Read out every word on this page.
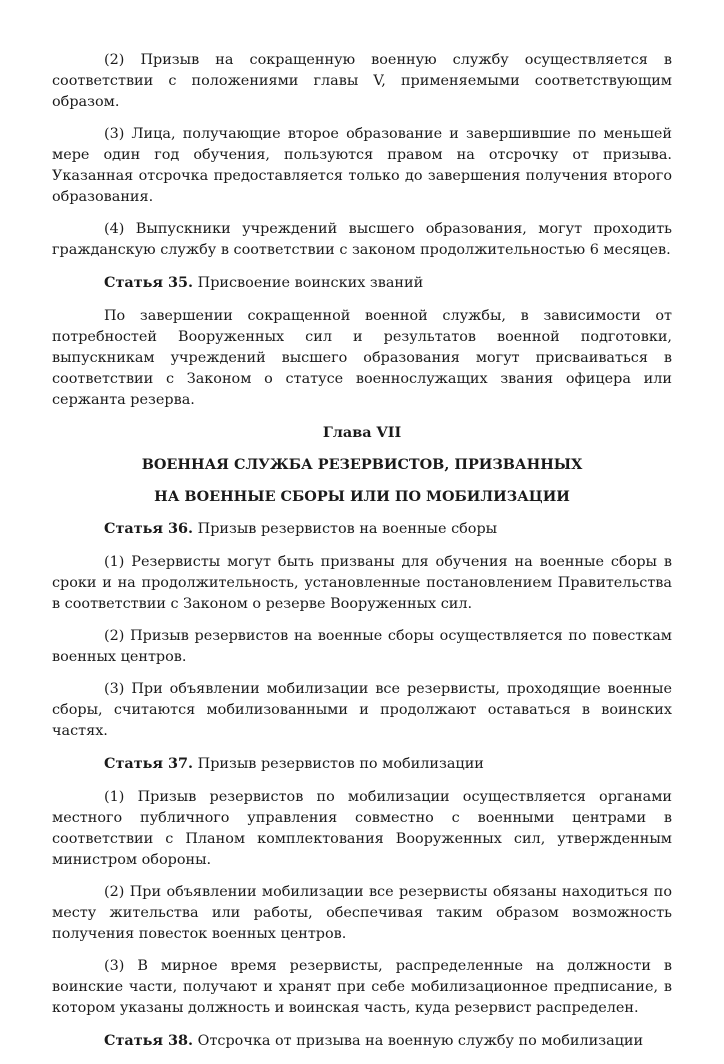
(2) Призыв на сокращенную военную службу осуществляется в соответствии с положениями главы V, применяемыми соответствующим образом.

(3) Лица, получающие второе образование и завершившие по меньшей мере один год обучения, пользуются правом на отсрочку от призыва. Указанная отсрочка предоставляется только до завершения получения второго образования.

(4) Выпускники учреждений высшего образования, могут проходить гражданскую службу в соответствии с законом продолжительностью 6 месяцев.

Статья 35. Присвоение воинских званий

По завершении сокращенной военной службы, в зависимости от потребностей Вооруженных сил и результатов военной подготовки, выпускникам учреждений высшего образования могут присваиваться в соответствии с Законом о статусе военнослужащих звания офицера или сержанта резерва.

Глава VII
ВОЕННАЯ СЛУЖБА РЕЗЕРВИСТОВ, ПРИЗВАННЫХ
НА ВОЕННЫЕ СБОРЫ ИЛИ ПО МОБИЛИЗАЦИИ
Статья 36. Призыв резервистов на военные сборы

(1) Резервисты могут быть призваны для обучения на военные сборы в сроки и на продолжительность, установленные постановлением Правительства в соответствии с Законом о резерве Вооруженных сил.

(2) Призыв резервистов на военные сборы осуществляется по повесткам военных центров.

(3) При объявлении мобилизации все резервисты, проходящие военные сборы, считаются мобилизованными и продолжают оставаться в воинских частях.

Статья 37. Призыв резервистов по мобилизации

(1) Призыв резервистов по мобилизации осуществляется органами местного публичного управления совместно с военными центрами в соответствии с Планом комплектования Вооруженных сил, утвержденным министром обороны.

(2) При объявлении мобилизации все резервисты обязаны находиться по месту жительства или работы, обеспечивая таким образом возможность получения повесток военных центров.

(3) В мирное время резервисты, распределенные на должности в воинские части, получают и хранят при себе мобилизационное предписание, в котором указаны должность и воинская часть, куда резервист распределен.

Статья 38. Отсрочка от призыва на военную службу по мобилизации
